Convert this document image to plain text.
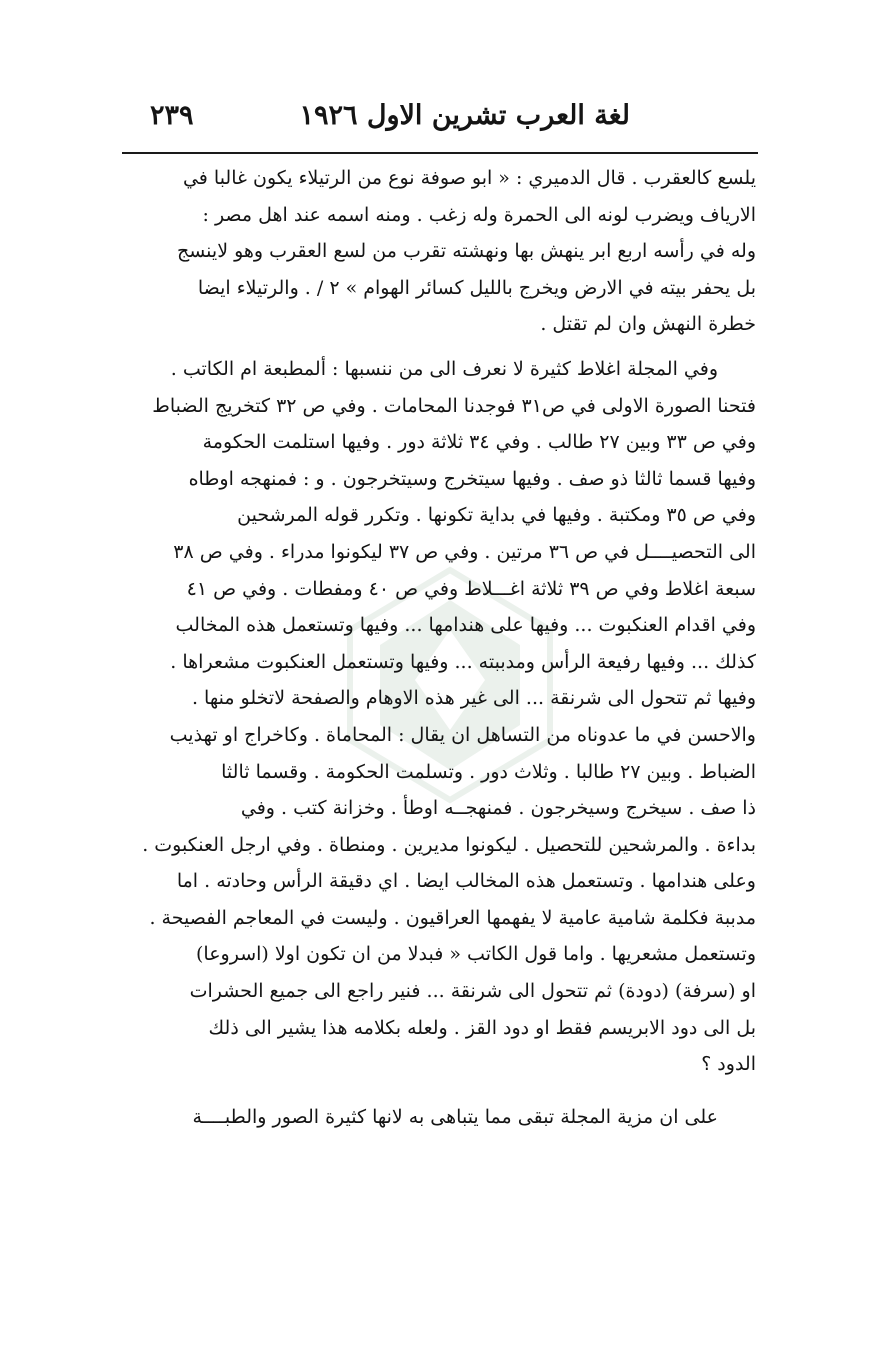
٢٣٩	لغة العرب تشرين الاول ١٩٢٦
يلسع كالعقرب . قال الدميري : « ابو صوفة نوع من الرتيلاء يكون غالبا في
الارياف ويضرب لونه الى الحمرة وله زغب . ومنه اسمه عند اهل مصر :
وله في رأسه اربع ابر ينهش بها ونهشته تقرب من لسع العقرب وهو لاينسج
بل يحفر بيته في الارض ويخرج بالليل كسائر الهوام » ٢ / . والرتيلاء ايضا
خطرة النهش وان لم تقتل .
وفي المجلة اغلاط كثيرة لا نعرف الى من ننسبها : ألمطبعة ام الكاتب .
فتحنا الصورة الاولى في ص٣١ فوجدنا المحامات . وفي ص ٣٢ كتخريج الضباط
وفي ص ٣٣ وبين ٢٧ طالب . وفي ٣٤ ثلاثة دور . وفيها استلمت الحكومة
وفيها قسما ثالثا ذو صف . وفيها سيتخرج وسيتخرجون . و : فمنهجه اوطاه
وفي ص ٣٥ ومكتبة . وفيها في بداية تكونها . وتكرر قوله المرشحين
الى التحصيــــل في ص ٣٦ مرتين . وفي ص ٣٧ ليكونوا مدراء . وفي ص ٣٨
سبعة اغلاط وفي ص ٣٩ ثلاثة اغـــلاط وفي ص ٤٠ ومفطات . وفي ص ٤١
وفي اقدام العنكبوت ... وفيها على هندامها ... وفيها وتستعمل هذه المخالب
كذلك ... وفيها رفيعة الرأس ومدببته ... وفيها وتستعمل العنكبوت مشعراها .
وفيها ثم تتحول الى شرنقة ... الى غير هذه الاوهام والصفحة لاتخلو منها .
والاحسن في ما عدوناه من التساهل ان يقال : المحاماة . وكاخراج او تهذيب
الضباط . وبين ٢٧ طالبا . وثلاث دور . وتسلمت الحكومة . وقسما ثالثا
ذا صف . سيخرج وسيخرجون . فمنهجــه اوطأ . وخزانة كتب . وفي
بداءة . والمرشحين للتحصيل . ليكونوا مديرين . ومنطاة . وفي ارجل العنكبوت .
وعلى هندامها . وتستعمل هذه المخالب ايضا . اي دقيقة الرأس وحادته . اما
مدببة فكلمة شامية عامية لا يفهمها العراقيون . وليست في المعاجم الفصيحة .
وتستعمل مشعريها . واما قول الكاتب « فبدلا من ان تكون اولا (اسروعا)
او (سرفة) (دودة) ثم تتحول الى شرنقة ... فنير راجع الى جميع الحشرات
بل الى دود الابريسم فقط او دود القز . ولعله بكلامه هذا يشير الى ذلك
الدود ؟
على ان مزية المجلة تبقى مما يتباهى به لانها كثيرة الصور والطبــــة
